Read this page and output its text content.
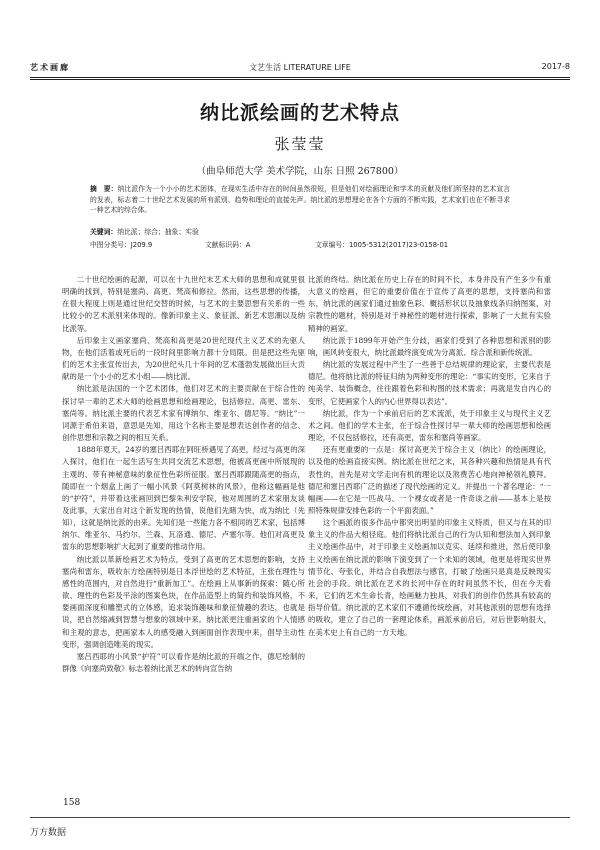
艺术画廊	文艺生活 LITERATURE LIFE	2017-8
纳比派绘画的艺术特点
张莹莹
（曲阜师范大学 美术学院，山东 日照 267800）
摘　要：纳比派作为一个小小的艺术团体，在现实生活中存在的时间虽然很短，但是他们对绘画理论和学术的贡献及他们所坚持的艺术宣言的发表，标志着二十世纪艺术发展的所有派别、趋势和理论的直接先声。纳比派的思想理论在各个方面的不断实践，艺术家们也在不断寻求一种艺术的综合体。
关键词：纳比派；综合；抽象；实验
中图分类号：J209.9	文献标识码：A	文章编号：1005-5312(2017)23-0158-01

二十世纪绘画的起源，可以在十九世纪末艺术大师的思想和成就里很明确的找到，特别是塞尚、高更、梵高和修拉。然而，这些思想的传播，在很大程度上则是通过世纪交替的时候，与艺术的主要思想有关系的一些比较小的艺术派别来体现的。像新印象主义、象征派、新艺术思潮以及纳比派等。

后印象主义画家塞尚、梵高和高更是20世纪现代主义艺术的先驱人物，在他们活着或死后的一段时间里影响力都十分局限。但是把这些先驱们的艺术主张宣传出去，为20世纪头几十年间的艺术蓬勃发展做出巨大贡献的是一个小小的艺术小组——纳比派。

纳比派是法国的一个艺术团体，他们对艺术的主要贡献在于综合性的探讨早一辈的艺术大师的绘画思想和绘画理论，包括修拉、高更、雷东、塞尚等。纳比派主要的代表艺术家有博纳尔、维亚尔、德尼等。“纳比”一词源于希伯来语，意思是先知，用这个名称主要是想表达创作者的信念、创作思想和宗教之间的相互关系。

1888年夏天，24岁的塞吕西耶在阿旺桥遇见了高更，经过与高更的深入探讨，他们在一起生活写生共同交流艺术思想，他被高更画中所展现的主观的、带有神秘意味的象征性色彩所征服。塞吕西耶跟随高更的指点，随即在一个烟盒上画了一幅小风景《阿莫树林的风景》，他称这幅画是他的“护符”，并带着这张画回到巴黎朱利安学院，他对周围的艺术家朋友谈及此事，大家出自对这个新发现的热情，说他们先睹为快，成为纳比（先知），这就是纳比派的由来。先知们是一些能力各不相同的艺术家，包括博纳尔、维亚尔、马约尔、兰森、瓦洛通、德尼、卢塞尔等。他们对高更及雷东的思想影响扩大起到了重要的推动作用。

纳比派以革新绘画艺术为特点，受到了高更的艺术思想的影响，支持塞尚和雷东，吸收东方绘画特别是日本浮世绘的艺术特征，主张在理性与感性的范围内，对自然进行“重新加工”。在绘画上从事新的探索：随心所欲、理性的色彩及平涂的图案色块，在作品造型上的简约和装饰风格，不要画面深度和雕塑式的立体感，追求装饰趣味和象征情趣的表达，也就是说，把自然缩减到智慧与想象的领域中来。纳比派更注重画家的个人情感和主观的意志，把画家本人的感受融入到画面创作表现中来，倡导主动性变形，强调创造唯美的现实。

塞吕西耶的小风景“护符”可以看作是纳比派的开端之作，德尼绘制的群像《向塞尚致敬》标志着纳比派艺术的转向宣告纳

比派的终结。纳比派在历史上存在的时间不长，本身并没有产生多少有重大意义的绘画，但它的重要价值在于宣传了高更的思想，支持塞尚和雷东，纳比派的画家们通过抽象色彩、概括形状以及抽象线条归纳图案，对宗教性的题材，特别是对于神秘性的题材进行探索，影响了一大批有实验精神的画家。

纳比派于1899年开始产生分歧，画家们受到了各种思想和派别的影响，画风转变很大，纳比派最终演变成为分离派、综合派和新传统派。

纳比派的发展过程中产生了一些善于总结规律的理论家，主要代表是德尼。他将纳比派的特征归纳为两种变形的理论：“事实的变形，它来自于纯美学、装饰概念，往往跟着色彩和构图的技术需求；再就是发自内心的变形，它使画家个人的内心世界得以表达”。

纳比派，作为一个承前启后的艺术流派，处于印象主义与现代主义艺术之间。他们的学术主张，在于综合性探讨早一辈大师的绘画思想和绘画理论，不仅包括修拉，还有高更，雷东和塞尚等画家。

还有更重要的一点是：探讨高更关于综合主义（纳比）的绘画理论，以及他的绘画直接实例。纳比派在世纪之末，其各种兴趣和热情是具有代表性的，首先是对文学走向有机的理论以及煞费苦心地向神秘领礼膜拜。德尼和塞吕西耶广泛的描述了现代绘画的定义。并提出一个著名理论：“一幅画——在它是一匹战马、一个裸女或者是一件奇谈之前——基本上是按照特殊规律安排色彩的一个平面表面。”

这个画派的很多作品中都突出明显的印象主义特质，但又与在其的印象主义的作品大相径庭。他们将纳比派自己的行为认知和想法加入到印象主义绘画作品中，对于印象主义绘画加以克实、延续和推进，然后使印象主义绘画在纳比派的影响下演变到了一个未知的领域，他更是将现实世界情节化、夸张化，并结合自我想法与感官，打破了绘画只是真是反映现实社会的手段。纳比派在艺术的长河中存在的时间虽然不长，但在今天看来，它们的艺术生命长青，绘画魅力独具，对我们的创作仍然具有较高的指导价值。纳比派的艺术家们不遵循传统绘画，对其他派别的思想有选择的吸收，建立了自己的一套理论体系，画派承前启后，对后世影响很大，在美术史上有自己的一方天地。

158
万方数据
